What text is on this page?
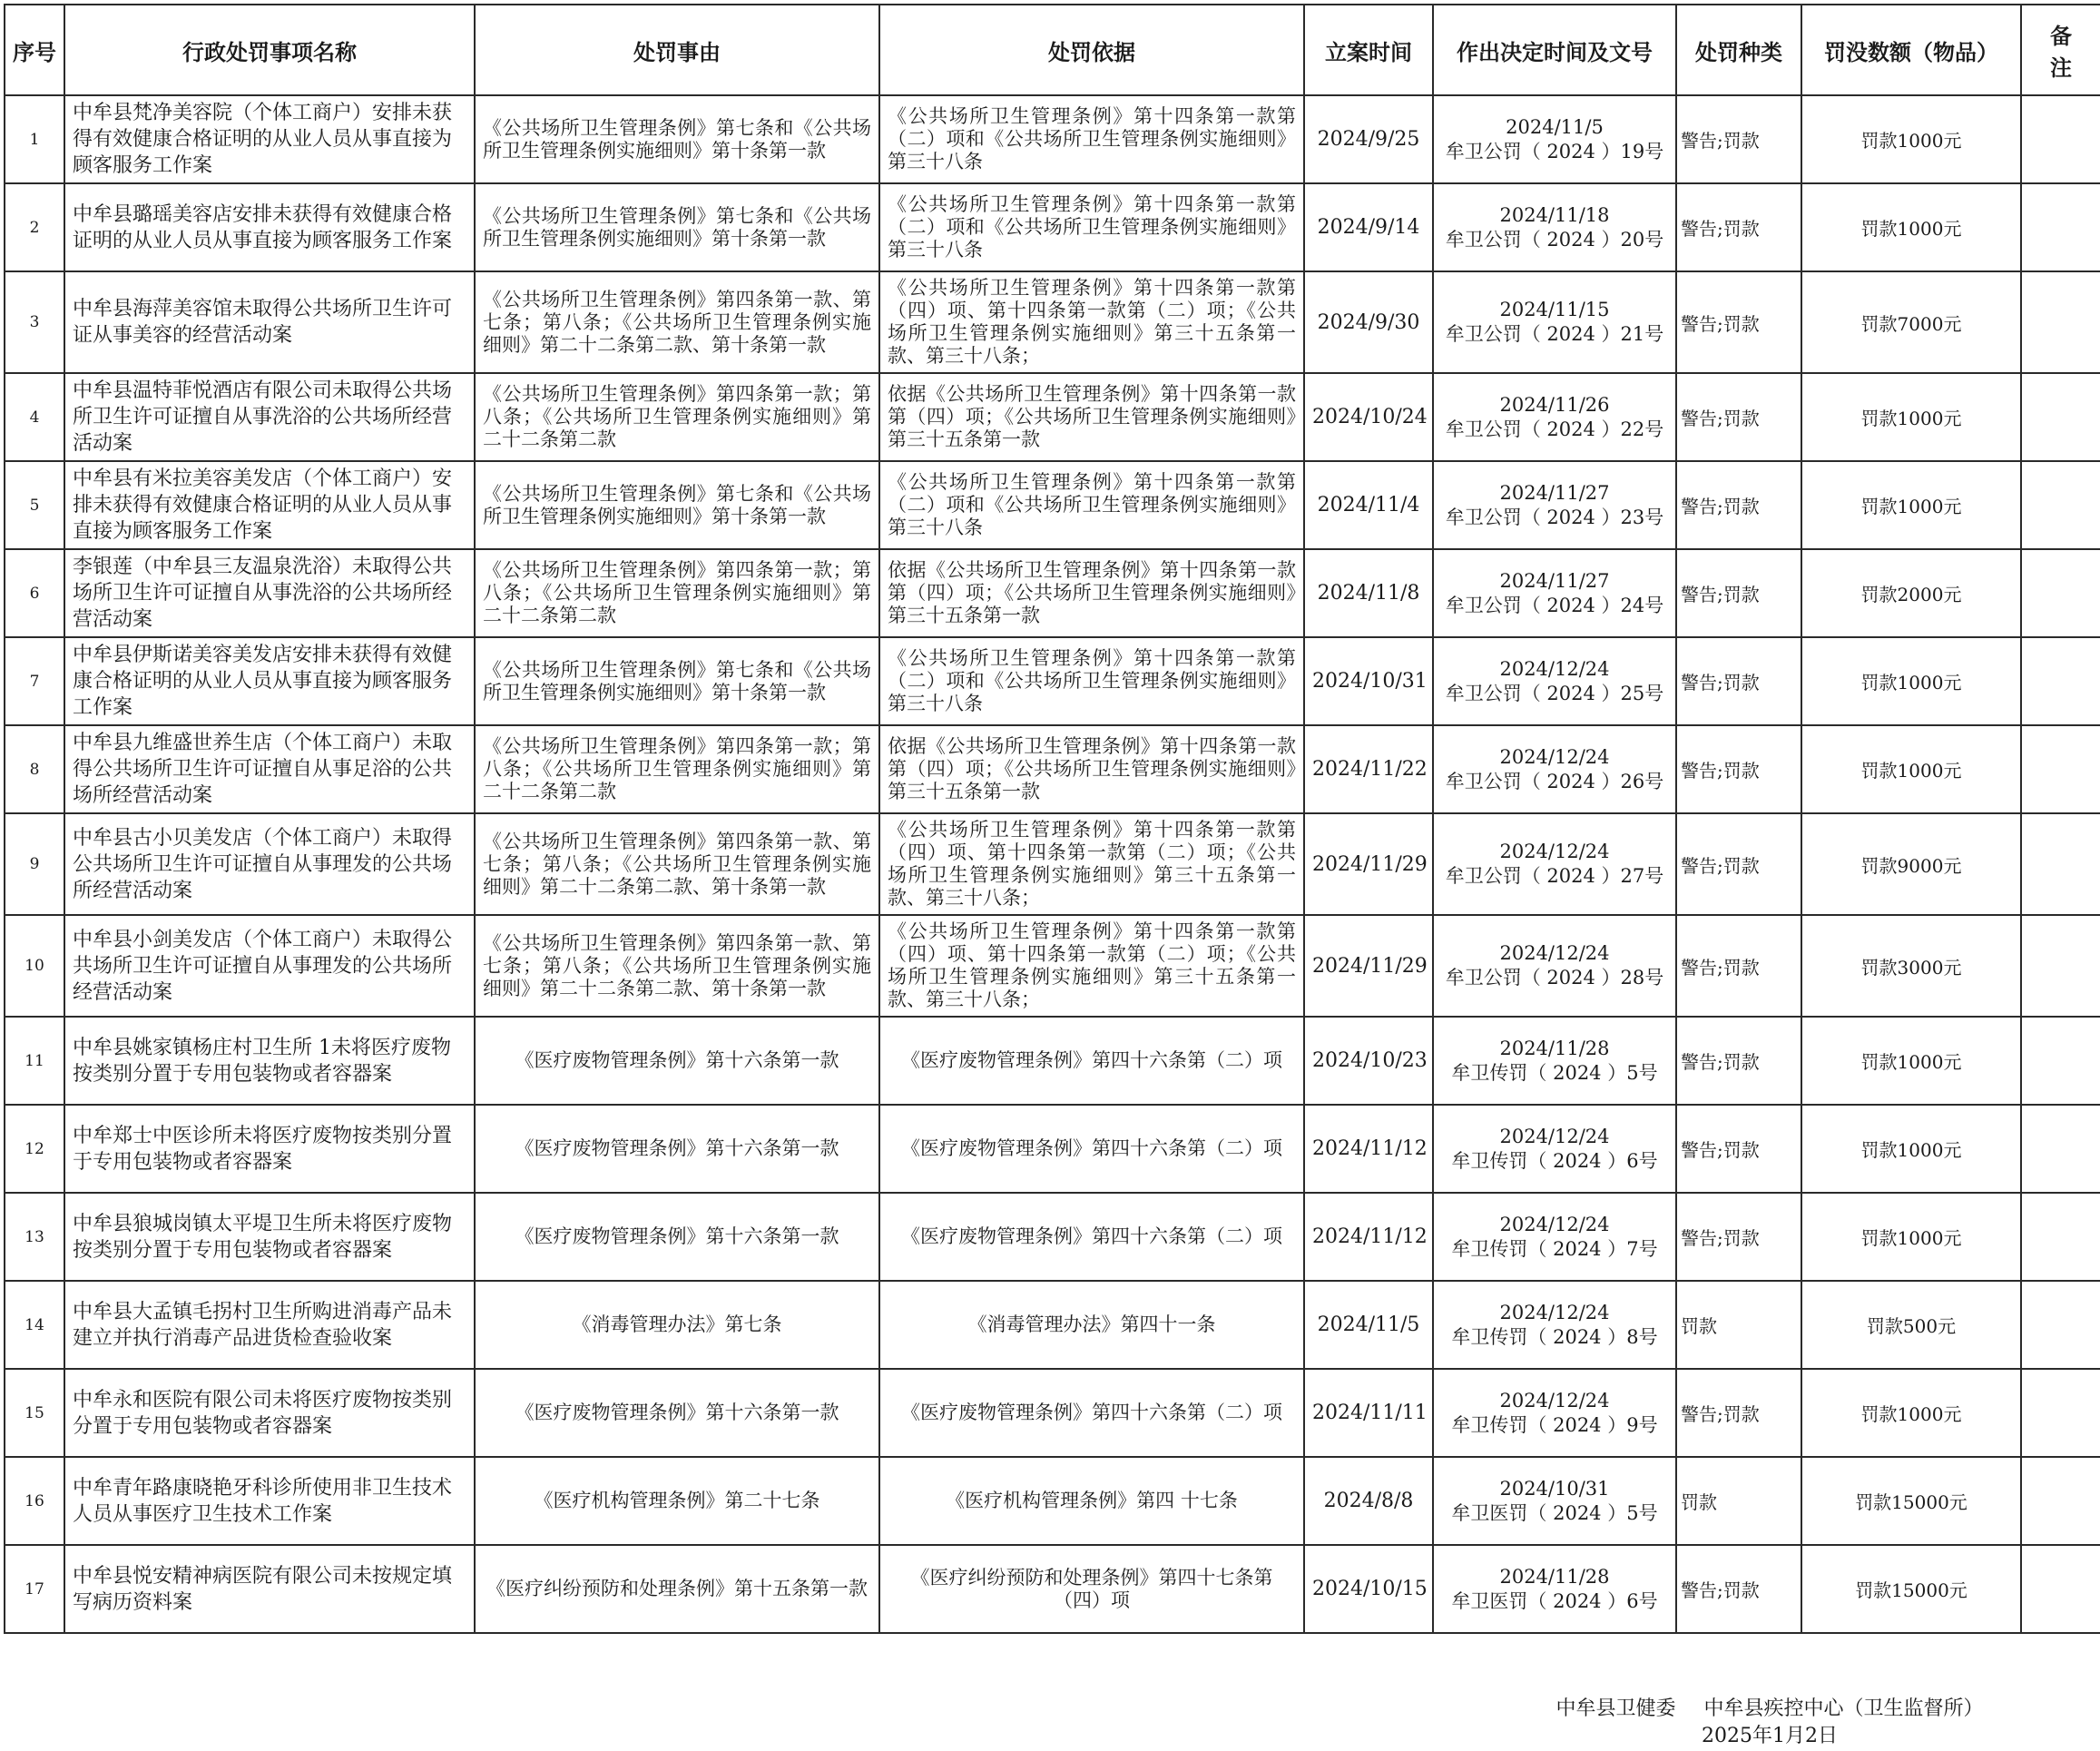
序号	行政处罚事项名称	处罚事由	处罚依据	立案时间	作出决定时间及文号	处罚种类	罚没数额（物品）	备　注
1	中牟县梵净美容院（个体工商户）安排未获得有效健康合格证明的从业人员从事直接为顾客服务工作案	《公共场所卫生管理条例》第七条和《公共场所卫生管理条例实施细则》第十条第一款	《公共场所卫生管理条例》第十四条第一款第（二）项和《公共场所卫生管理条例实施细则》第三十八条	2024/9/25	2024/11/5
牟卫公罚（ 2024 ）19号	警告;罚款	罚款1000元	
2	中牟县璐瑶美容店安排未获得有效健康合格证明的从业人员从事直接为顾客服务工作案	《公共场所卫生管理条例》第七条和《公共场所卫生管理条例实施细则》第十条第一款	《公共场所卫生管理条例》第十四条第一款第（二）项和《公共场所卫生管理条例实施细则》第三十八条	2024/9/14	2024/11/18
牟卫公罚（ 2024 ）20号	警告;罚款	罚款1000元	
3	中牟县海萍美容馆未取得公共场所卫生许可证从事美容的经营活动案	《公共场所卫生管理条例》第四条第一款、第七条；第八条；《公共场所卫生管理条例实施细则》第二十二条第二款、第十条第一款	《公共场所卫生管理条例》第十四条第一款第（四）项、第十四条第一款第（二）项；《公共场所卫生管理条例实施细则》第三十五条第一款、第三十八条；	2024/9/30	2024/11/15
牟卫公罚（ 2024 ）21号	警告;罚款	罚款7000元	
4	中牟县温特菲悦酒店有限公司未取得公共场所卫生许可证擅自从事洗浴的公共场所经营活动案	《公共场所卫生管理条例》第四条第一款；第八条；《公共场所卫生管理条例实施细则》第二十二条第二款	依据《公共场所卫生管理条例》第十四条第一款第（四）项；《公共场所卫生管理条例实施细则》第三十五条第一款	2024/10/24	2024/11/26
牟卫公罚（ 2024 ）22号	警告;罚款	罚款1000元	
5	中牟县有米拉美容美发店（个体工商户）安排未获得有效健康合格证明的从业人员从事直接为顾客服务工作案	《公共场所卫生管理条例》第七条和《公共场所卫生管理条例实施细则》第十条第一款	《公共场所卫生管理条例》第十四条第一款第（二）项和《公共场所卫生管理条例实施细则》第三十八条	2024/11/4	2024/11/27
牟卫公罚（ 2024 ）23号	警告;罚款	罚款1000元	
6	李银莲（中牟县三友温泉洗浴）未取得公共场所卫生许可证擅自从事洗浴的公共场所经营活动案	《公共场所卫生管理条例》第四条第一款；第八条；《公共场所卫生管理条例实施细则》第二十二条第二款	依据《公共场所卫生管理条例》第十四条第一款第（四）项；《公共场所卫生管理条例实施细则》第三十五条第一款	2024/11/8	2024/11/27
牟卫公罚（ 2024 ）24号	警告;罚款	罚款2000元	
7	中牟县伊斯诺美容美发店安排未获得有效健康合格证明的从业人员从事直接为顾客服务工作案	《公共场所卫生管理条例》第七条和《公共场所卫生管理条例实施细则》第十条第一款	《公共场所卫生管理条例》第十四条第一款第（二）项和《公共场所卫生管理条例实施细则》第三十八条	2024/10/31	2024/12/24
牟卫公罚（ 2024 ）25号	警告;罚款	罚款1000元	
8	中牟县九维盛世养生店（个体工商户）未取得公共场所卫生许可证擅自从事足浴的公共场所经营活动案	《公共场所卫生管理条例》第四条第一款；第八条；《公共场所卫生管理条例实施细则》第二十二条第二款	依据《公共场所卫生管理条例》第十四条第一款第（四）项；《公共场所卫生管理条例实施细则》第三十五条第一款	2024/11/22	2024/12/24
牟卫公罚（ 2024 ）26号	警告;罚款	罚款1000元	
9	中牟县古小贝美发店（个体工商户）未取得公共场所卫生许可证擅自从事理发的公共场所经营活动案	《公共场所卫生管理条例》第四条第一款、第七条；第八条；《公共场所卫生管理条例实施细则》第二十二条第二款、第十条第一款	《公共场所卫生管理条例》第十四条第一款第（四）项、第十四条第一款第（二）项；《公共场所卫生管理条例实施细则》第三十五条第一款、第三十八条；	2024/11/29	2024/12/24
牟卫公罚（ 2024 ）27号	警告;罚款	罚款9000元	
10	中牟县小剑美发店（个体工商户）未取得公共场所卫生许可证擅自从事理发的公共场所经营活动案	《公共场所卫生管理条例》第四条第一款、第七条；第八条；《公共场所卫生管理条例实施细则》第二十二条第二款、第十条第一款	《公共场所卫生管理条例》第十四条第一款第（四）项、第十四条第一款第（二）项；《公共场所卫生管理条例实施细则》第三十五条第一款、第三十八条；	2024/11/29	2024/12/24
牟卫公罚（ 2024 ）28号	警告;罚款	罚款3000元	
11	中牟县姚家镇杨庄村卫生所 1未将医疗废物按类别分置于专用包装物或者容器案	《医疗废物管理条例》第十六条第一款	《医疗废物管理条例》第四十六条第（二）项	2024/10/23	2024/11/28
牟卫传罚（ 2024 ）5号	警告;罚款	罚款1000元	
12	中牟郑士中医诊所未将医疗废物按类别分置于专用包装物或者容器案	《医疗废物管理条例》第十六条第一款	《医疗废物管理条例》第四十六条第（二）项	2024/11/12	2024/12/24
牟卫传罚（ 2024 ）6号	警告;罚款	罚款1000元	
13	中牟县狼城岗镇太平堤卫生所未将医疗废物按类别分置于专用包装物或者容器案	《医疗废物管理条例》第十六条第一款	《医疗废物管理条例》第四十六条第（二）项	2024/11/12	2024/12/24
牟卫传罚（ 2024 ）7号	警告;罚款	罚款1000元	
14	中牟县大孟镇毛拐村卫生所购进消毒产品未建立并执行消毒产品进货检查验收案	《消毒管理办法》第七条	《消毒管理办法》第四十一条	2024/11/5	2024/12/24
牟卫传罚（ 2024 ）8号	罚款	罚款500元	
15	中牟永和医院有限公司未将医疗废物按类别分置于专用包装物或者容器案	《医疗废物管理条例》第十六条第一款	《医疗废物管理条例》第四十六条第（二）项	2024/11/11	2024/12/24
牟卫传罚（ 2024 ）9号	警告;罚款	罚款1000元	
16	中牟青年路康晓艳牙科诊所使用非卫生技术人员从事医疗卫生技术工作案	《医疗机构管理条例》第二十七条	《医疗机构管理条例》第四 十七条	2024/8/8	2024/10/31
牟卫医罚（ 2024 ）5号	罚款	罚款15000元	
17	中牟县悦安精神病医院有限公司未按规定填写病历资料案	《医疗纠纷预防和处理条例》第十五条第一款	《医疗纠纷预防和处理条例》第四十七条第（四）项	2024/10/15	2024/11/28
牟卫医罚（ 2024 ）6号	警告;罚款	罚款15000元	
中牟县卫健委 中牟县疾控中心（卫生监督所）
2025年1月2日
